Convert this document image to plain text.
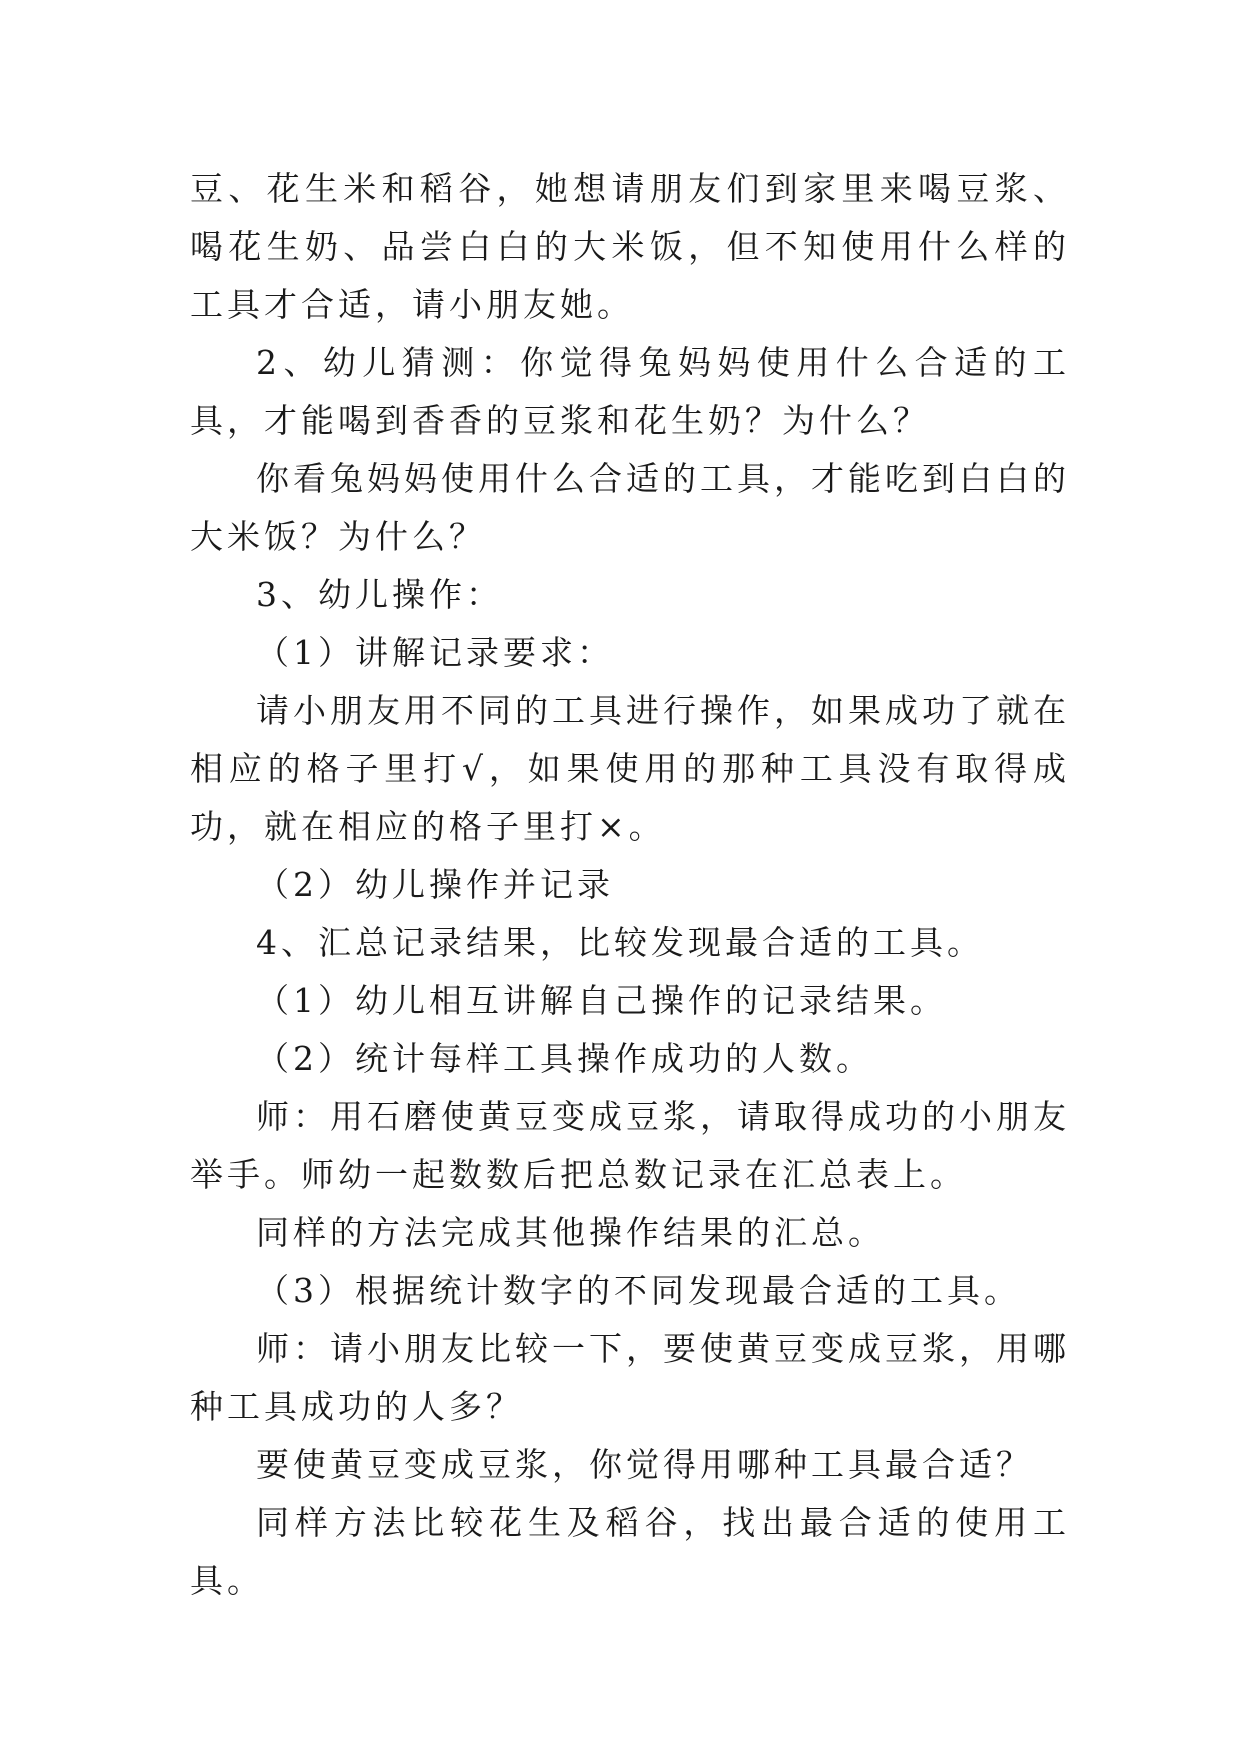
豆、花生米和稻谷，她想请朋友们到家里来喝豆浆、喝花生奶、品尝白白的大米饭，但不知使用什么样的工具才合适，请小朋友她。

2、幼儿猜测：你觉得兔妈妈使用什么合适的工具，才能喝到香香的豆浆和花生奶？为什么？

你看兔妈妈使用什么合适的工具，才能吃到白白的大米饭？为什么？

3、幼儿操作：

（1）讲解记录要求：

请小朋友用不同的工具进行操作，如果成功了就在相应的格子里打√，如果使用的那种工具没有取得成功，就在相应的格子里打×。

（2）幼儿操作并记录

4、汇总记录结果，比较发现最合适的工具。

（1）幼儿相互讲解自己操作的记录结果。

（2）统计每样工具操作成功的人数。

师：用石磨使黄豆变成豆浆，请取得成功的小朋友举手。师幼一起数数后把总数记录在汇总表上。

同样的方法完成其他操作结果的汇总。

（3）根据统计数字的不同发现最合适的工具。

师：请小朋友比较一下，要使黄豆变成豆浆，用哪种工具成功的人多？

要使黄豆变成豆浆，你觉得用哪种工具最合适？

同样方法比较花生及稻谷，找出最合适的使用工具。
